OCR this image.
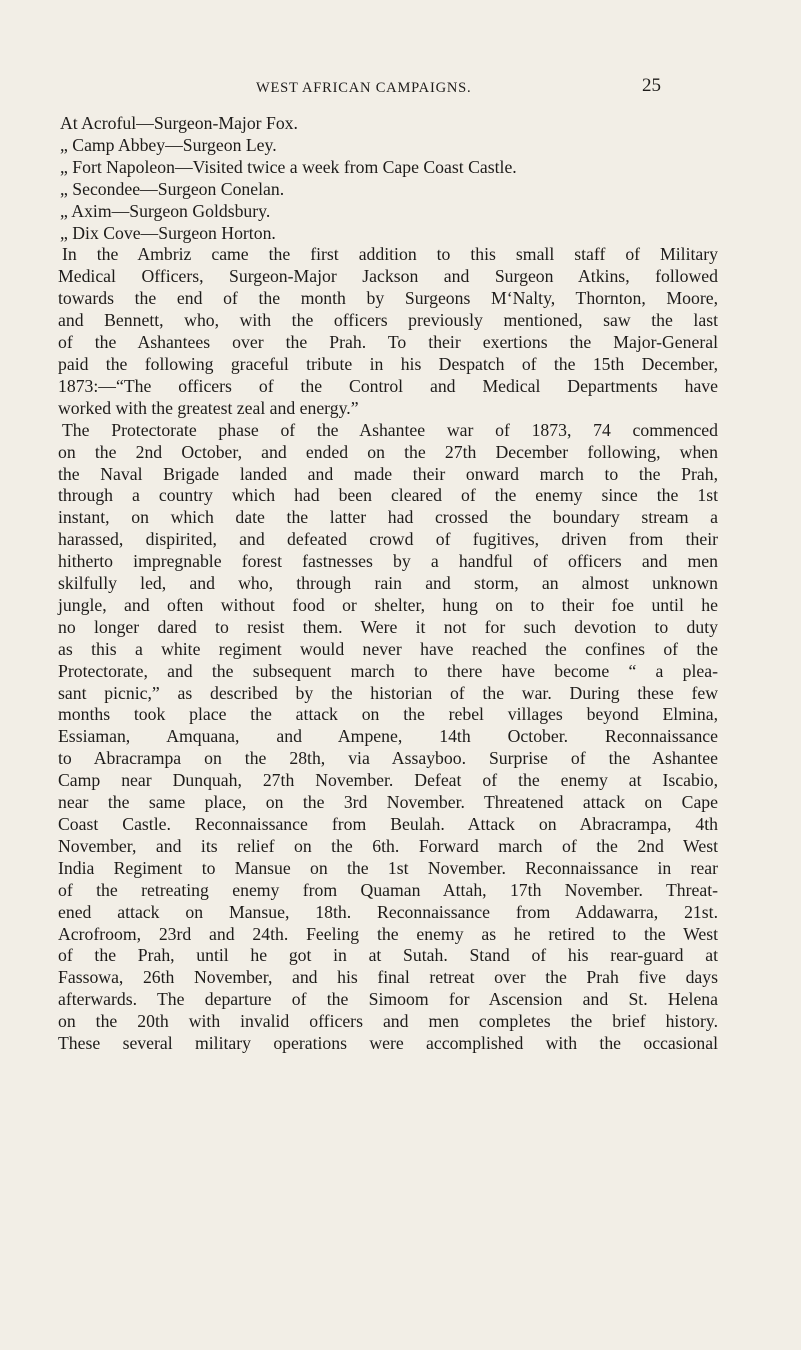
WEST AFRICAN CAMPAIGNS.	25
At Acroful—Surgeon-Major Fox.
„ Camp Abbey—Surgeon Ley.
„ Fort Napoleon—Visited twice a week from Cape Coast Castle.
„ Secondee—Surgeon Conelan.
„ Axim—Surgeon Goldsbury.
„ Dix Cove—Surgeon Horton.
In the Ambriz came the first addition to this small staff of Military
Medical Officers, Surgeon-Major Jackson and Surgeon Atkins, followed
towards the end of the month by Surgeons M‘Nalty, Thornton, Moore,
and Bennett, who, with the officers previously mentioned, saw the last
of the Ashantees over the Prah. To their exertions the Major-General
paid the following graceful tribute in his Despatch of the 15th December,
1873:—“The officers of the Control and Medical Departments have
worked with the greatest zeal and energy.”
The Protectorate phase of the Ashantee war of 1873, 74 commenced
on the 2nd October, and ended on the 27th December following, when
the Naval Brigade landed and made their onward march to the Prah,
through a country which had been cleared of the enemy since the 1st
instant, on which date the latter had crossed the boundary stream a
harassed, dispirited, and defeated crowd of fugitives, driven from their
hitherto impregnable forest fastnesses by a handful of officers and men
skilfully led, and who, through rain and storm, an almost unknown
jungle, and often without food or shelter, hung on to their foe until he
no longer dared to resist them. Were it not for such devotion to duty
as this a white regiment would never have reached the confines of the
Protectorate, and the subsequent march to there have become “ a plea-
sant picnic,” as described by the historian of the war. During these few
months took place the attack on the rebel villages beyond Elmina,
Essiaman, Amquana, and Ampene, 14th October. Reconnaissance
to Abracrampa on the 28th, via Assayboo. Surprise of the Ashantee
Camp near Dunquah, 27th November. Defeat of the enemy at Iscabio,
near the same place, on the 3rd November. Threatened attack on Cape
Coast Castle. Reconnaissance from Beulah. Attack on Abracrampa, 4th
November, and its relief on the 6th. Forward march of the 2nd West
India Regiment to Mansue on the 1st November. Reconnaissance in rear
of the retreating enemy from Quaman Attah, 17th November. Threat-
ened attack on Mansue, 18th. Reconnaissance from Addawarra, 21st.
Acrofroom, 23rd and 24th. Feeling the enemy as he retired to the West
of the Prah, until he got in at Sutah. Stand of his rear-guard at
Fassowa, 26th November, and his final retreat over the Prah five days
afterwards. The departure of the Simoom for Ascension and St. Helena
on the 20th with invalid officers and men completes the brief history.
These several military operations were accomplished with the occasional
